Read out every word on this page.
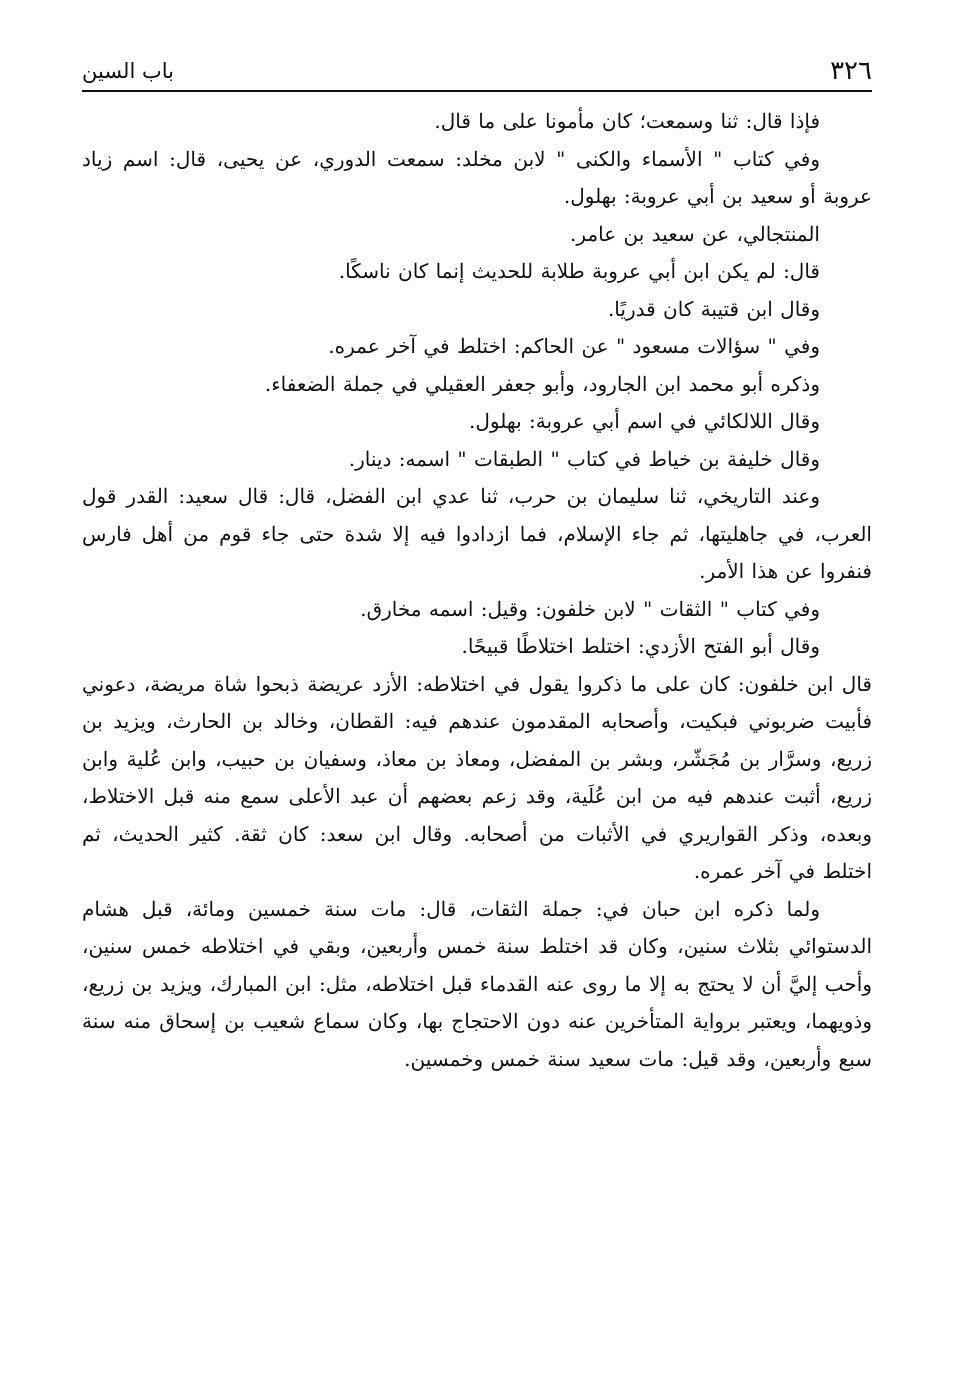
٣٢٦
باب السين

فإذا قال: ثنا وسمعت؛ كان مأمونا على ما قال.

وفي كتاب " الأسماء والكنى " لابن مخلد: سمعت الدوري، عن يحيى، قال: اسم زياد عروبة أو سعيد بن أبي عروبة: بهلول.

المنتجالي، عن سعيد بن عامر.

قال: لم يكن ابن أبي عروبة طلابة للحديث إنما كان ناسكًا.

وقال ابن قتيبة كان قدريًا.

وفي " سؤالات مسعود " عن الحاكم: اختلط في آخر عمره.

وذكره أبو محمد ابن الجارود، وأبو جعفر العقيلي في جملة الضعفاء.

وقال اللالكائي في اسم أبي عروبة: بهلول.

وقال خليفة بن خياط في كتاب " الطبقات " اسمه: دينار.

وعند التاريخي، ثنا سليمان بن حرب، ثنا عدي ابن الفضل، قال: قال سعيد: القدر قول العرب، في جاهليتها، ثم جاء الإسلام، فما ازدادوا فيه إلا شدة حتى جاء قوم من أهل فارس فنفروا عن هذا الأمر.

وفي كتاب " الثقات " لابن خلفون: وقيل: اسمه مخارق.

وقال أبو الفتح الأزدي: اختلط اختلاطًا قبيحًا.

قال ابن خلفون: كان على ما ذكروا يقول في اختلاطه: الأزد عريضة ذبحوا شاة مريضة، دعوني فأبيت ضربوني فبكيت، وأصحابه المقدمون عندهم فيه: القطان، وخالد بن الحارث، ويزيد بن زريع، وسرَّار بن مُجَشّر، وبشر بن المفضل، ومعاذ بن معاذ، وسفيان بن حبيب، وابن عُلية وابن زريع، أثبت عندهم فيه من ابن عُلَية، وقد زعم بعضهم أن عبد الأعلى سمع منه قبل الاختلاط، وبعده، وذكر القواريري في الأثبات من أصحابه. وقال ابن سعد: كان ثقة. كثير الحديث، ثم اختلط في آخر عمره.

ولما ذكره ابن حبان في: جملة الثقات، قال: مات سنة خمسين ومائة، قبل هشام الدستوائي بثلاث سنين، وكان قد اختلط سنة خمس وأربعين، وبقي في اختلاطه خمس سنين، وأحب إليَّ أن لا يحتج به إلا ما روى عنه القدماء قبل اختلاطه، مثل: ابن المبارك، ويزيد بن زريع، وذويهما، ويعتبر برواية المتأخرين عنه دون الاحتجاج بها، وكان سماع شعيب بن إسحاق منه سنة سبع وأربعين، وقد قيل: مات سعيد سنة خمس وخمسين.
